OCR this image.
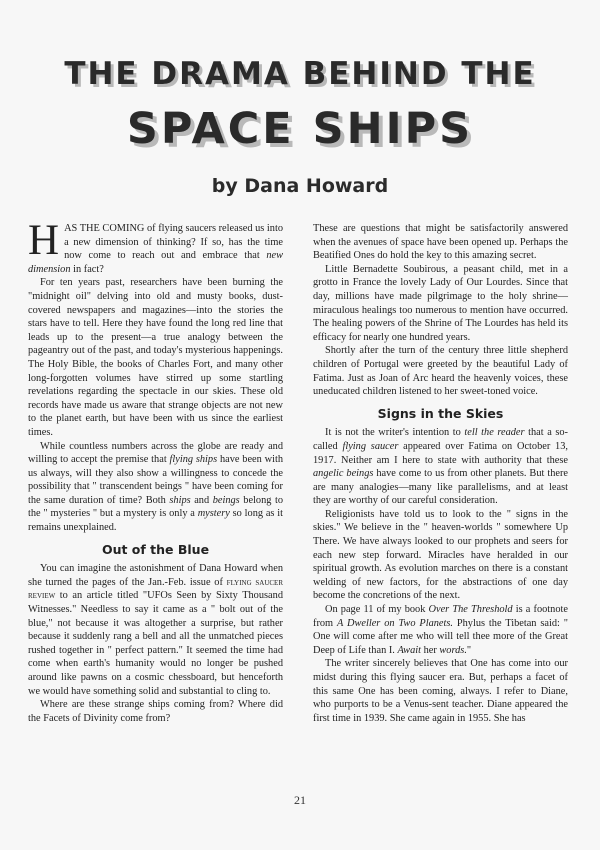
THE DRAMA BEHIND THE
SPACE SHIPS
by Dana Howard

HAS THE COMING of flying saucers released us into a new dimension of thinking? If so, has the time now come to reach out and embrace that new dimension in fact?

For ten years past, researchers have been burning the "midnight oil" delving into old and musty books, dust-covered newspapers and magazines—into the stories the stars have to tell. Here they have found the long red line that leads up to the present—a true analogy between the pageantry out of the past, and today's mysterious happenings. The Holy Bible, the books of Charles Fort, and many other long-forgotten volumes have stirred up some startling revelations regarding the spectacle in our skies. These old records have made us aware that strange objects are not new to the planet earth, but have been with us since the earliest times.

While countless numbers across the globe are ready and willing to accept the premise that flying ships have been with us always, will they also show a willingness to concede the possibility that " transcendent beings " have been coming for the same duration of time? Both ships and beings belong to the " mysteries " but a mystery is only a mystery so long as it remains unexplained.

Out of the Blue

You can imagine the astonishment of Dana Howard when she turned the pages of the Jan.-Feb. issue of flying saucer review to an article titled "UFOs Seen by Sixty Thousand Witnesses." Needless to say it came as a " bolt out of the blue," not because it was altogether a surprise, but rather because it suddenly rang a bell and all the unmatched pieces rushed together in " perfect pattern." It seemed the time had come when earth's humanity would no longer be pushed around like pawns on a cosmic chessboard, but henceforth we would have something solid and substantial to cling to.

Where are these strange ships coming from? Where did the Facets of Divinity come from?

These are questions that might be satisfactorily answered when the avenues of space have been opened up. Perhaps the Beatified Ones do hold the key to this amazing secret.

Little Bernadette Soubirous, a peasant child, met in a grotto in France the lovely Lady of Our Lourdes. Since that day, millions have made pilgrimage to the holy shrine—miraculous healings too numerous to mention have occurred. The healing powers of the Shrine of The Lourdes has held its efficacy for nearly one hundred years.

Shortly after the turn of the century three little shepherd children of Portugal were greeted by the beautiful Lady of Fatima. Just as Joan of Arc heard the heavenly voices, these uneducated children listened to her sweet-toned voice.

Signs in the Skies

It is not the writer's intention to tell the reader that a so-called flying saucer appeared over Fatima on October 13, 1917. Neither am I here to state with authority that these angelic beings have come to us from other planets. But there are many analogies—many like parallelisms, and at least they are worthy of our careful consideration.

Religionists have told us to look to the " signs in the skies." We believe in the " heaven-worlds " somewhere Up There. We have always looked to our prophets and seers for each new step forward. Miracles have heralded in our spiritual growth. As evolution marches on there is a constant welding of new factors, for the abstractions of one day become the concretions of the next.

On page 11 of my book Over The Threshold is a footnote from A Dweller on Two Planets. Phylus the Tibetan said: " One will come after me who will tell thee more of the Great Deep of Life than I. Await her words."

The writer sincerely believes that One has come into our midst during this flying saucer era. But, perhaps a facet of this same One has been coming, always. I refer to Diane, who purports to be a Venus-sent teacher. Diane appeared the first time in 1939. She came again in 1955. She has

21
